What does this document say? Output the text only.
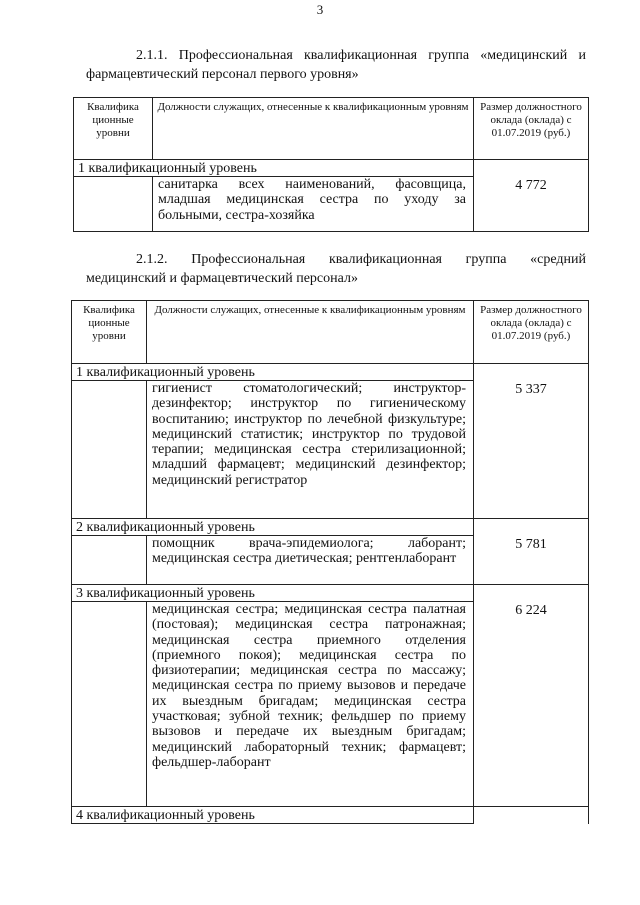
3
2.1.1. Профессиональная квалификационная группа «медицинский и
фармацевтический персонал первого уровня»
Квалифика ционные уровни	Должности служащих, отнесенные к квалификационным уровням	Размер должностного оклада (оклада) с 01.07.2019 (руб.)
1 квалификационный уровень		
	санитарка всех наименований, фасовщица, младшая медицинская сестра по уходу за больными, сестра-хозяйка	4 772
2.1.2. Профессиональная квалификационная группа «средний
медицинский и фармацевтический персонал»
Квалифика ционные уровни	Должности служащих, отнесенные к квалификационным уровням	Размер должностного оклада (оклада) с 01.07.2019 (руб.)
1 квалификационный уровень		
	гигиенист стоматологический; инструктор-дезинфектор; инструктор по гигиеническому воспитанию; инструктор по лечебной физкультуре; медицинский статистик; инструктор по трудовой терапии; медицинская сестра стерилизационной; младший фармацевт; медицинский дезинфектор; медицинский регистратор	5 337
2 квалификационный уровень		
	помощник врача-эпидемиолога; лаборант; медицинская сестра диетическая; рентгенлаборант	5 781
3 квалификационный уровень		
	медицинская сестра; медицинская сестра палатная (постовая); медицинская сестра патронажная; медицинская сестра приемного отделения (приемного покоя); медицинская сестра по физиотерапии; медицинская сестра по массажу; медицинская сестра по приему вызовов и передаче их выездным бригадам; медицинская сестра участковая; зубной техник; фельдшер по приему вызовов и передаче их выездным бригадам; медицинский лабораторный техник; фармацевт; фельдшер-лаборант	6 224
4 квалификационный уровень		
